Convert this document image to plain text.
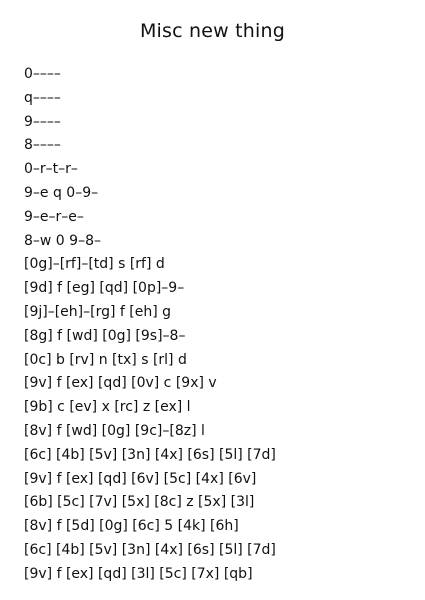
Misc new thing
0––––
q––––
9––––
8––––
0–r–t–r–
9–e q 0–9–
9–e–r–e–
8–w 0 9–8–
[0g]–[rf]–[td] s [rf] d
[9d] f [eg] [qd] [0p]–9–
[9j]–[eh]–[rg] f [eh] g
[8g] f [wd] [0g] [9s]–8–
[0c] b [rv] n [tx] s [rl] d
[9v] f [ex] [qd] [0v] c [9x] v
[9b] c [ev] x [rc] z [ex] l
[8v] f [wd] [0g] [9c]–[8z] l
[6c] [4b] [5v] [3n] [4x] [6s] [5l] [7d]
[9v] f [ex] [qd] [6v] [5c] [4x] [6v]
[6b] [5c] [7v] [5x] [8c] z [5x] [3l]
[8v] f [5d] [0g] [6c] 5 [4k] [6h]
[6c] [4b] [5v] [3n] [4x] [6s] [5l] [7d]
[9v] f [ex] [qd] [3l] [5c] [7x] [qb]
